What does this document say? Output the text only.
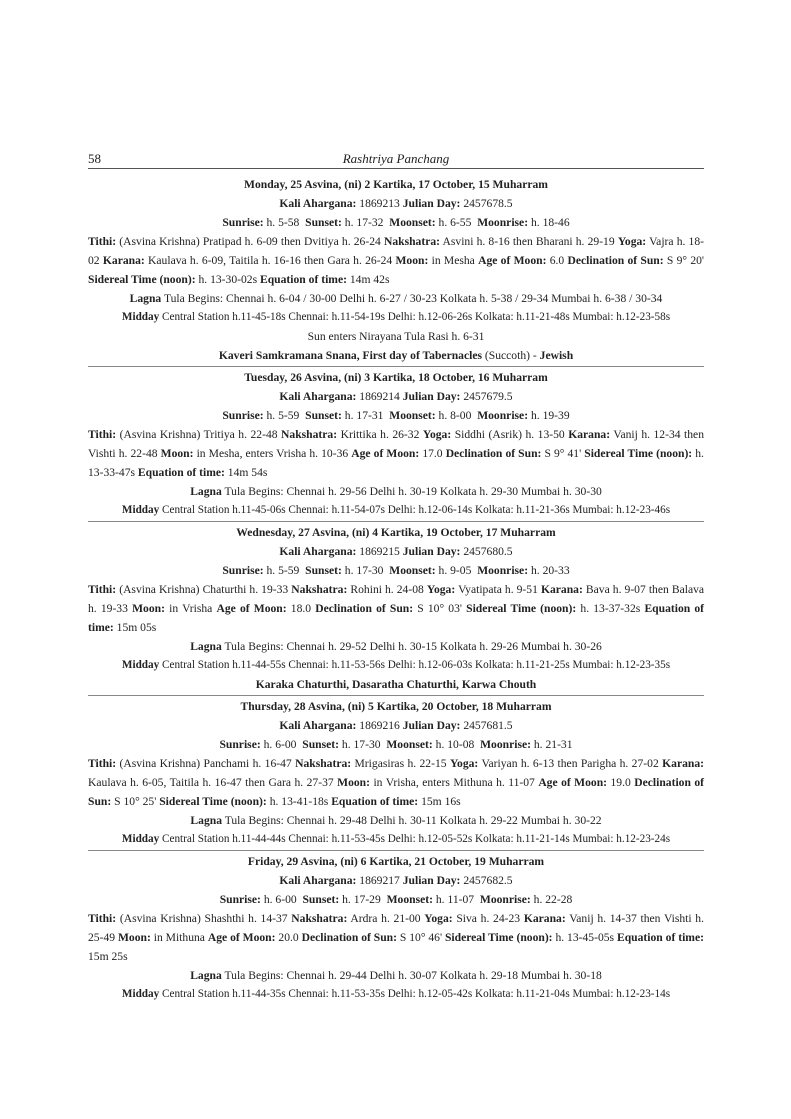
58	Rashtriya Panchang
Monday, 25 Asvina, (ni) 2 Kartika, 17 October, 15 Muharram
Kali Ahargana: 1869213 Julian Day: 2457678.5
Sunrise: h. 5-58 Sunset: h. 17-32 Moonset: h. 6-55 Moonrise: h. 18-46
Tithi: (Asvina Krishna) Pratipad h. 6-09 then Dvitiya h. 26-24 Nakshatra: Asvini h. 8-16 then Bharani h. 29-19 Yoga: Vajra h. 18-02 Karana: Kaulava h. 6-09, Taitila h. 16-16 then Gara h. 26-24 Moon: in Mesha Age of Moon: 6.0 Declination of Sun: S 9° 20' Sidereal Time (noon): h. 13-30-02s Equation of time: 14m 42s
Lagna Tula Begins: Chennai h. 6-04 / 30-00 Delhi h. 6-27 / 30-23 Kolkata h. 5-38 / 29-34 Mumbai h. 6-38 / 30-34
Midday Central Station h.11-45-18s Chennai: h.11-54-19s Delhi: h.12-06-26s Kolkata: h.11-21-48s Mumbai: h.12-23-58s
Sun enters Nirayana Tula Rasi h. 6-31
Kaveri Samkramana Snana, First day of Tabernacles (Succoth) - Jewish
Tuesday, 26 Asvina, (ni) 3 Kartika, 18 October, 16 Muharram
Kali Ahargana: 1869214 Julian Day: 2457679.5
Sunrise: h. 5-59 Sunset: h. 17-31 Moonset: h. 8-00 Moonrise: h. 19-39
Tithi: (Asvina Krishna) Tritiya h. 22-48 Nakshatra: Krittika h. 26-32 Yoga: Siddhi (Asrik) h. 13-50 Karana: Vanij h. 12-34 then Vishti h. 22-48 Moon: in Mesha, enters Vrisha h. 10-36 Age of Moon: 17.0 Declination of Sun: S 9° 41' Sidereal Time (noon): h. 13-33-47s Equation of time: 14m 54s
Lagna Tula Begins: Chennai h. 29-56 Delhi h. 30-19 Kolkata h. 29-30 Mumbai h. 30-30
Midday Central Station h.11-45-06s Chennai: h.11-54-07s Delhi: h.12-06-14s Kolkata: h.11-21-36s Mumbai: h.12-23-46s
Wednesday, 27 Asvina, (ni) 4 Kartika, 19 October, 17 Muharram
Kali Ahargana: 1869215 Julian Day: 2457680.5
Sunrise: h. 5-59 Sunset: h. 17-30 Moonset: h. 9-05 Moonrise: h. 20-33
Tithi: (Asvina Krishna) Chaturthi h. 19-33 Nakshatra: Rohini h. 24-08 Yoga: Vyatipata h. 9-51 Karana: Bava h. 9-07 then Balava h. 19-33 Moon: in Vrisha Age of Moon: 18.0 Declination of Sun: S 10° 03' Sidereal Time (noon): h. 13-37-32s Equation of time: 15m 05s
Lagna Tula Begins: Chennai h. 29-52 Delhi h. 30-15 Kolkata h. 29-26 Mumbai h. 30-26
Midday Central Station h.11-44-55s Chennai: h.11-53-56s Delhi: h.12-06-03s Kolkata: h.11-21-25s Mumbai: h.12-23-35s
Karaka Chaturthi, Dasaratha Chaturthi, Karwa Chouth
Thursday, 28 Asvina, (ni) 5 Kartika, 20 October, 18 Muharram
Kali Ahargana: 1869216 Julian Day: 2457681.5
Sunrise: h. 6-00 Sunset: h. 17-30 Moonset: h. 10-08 Moonrise: h. 21-31
Tithi: (Asvina Krishna) Panchami h. 16-47 Nakshatra: Mrigasiras h. 22-15 Yoga: Variyan h. 6-13 then Parigha h. 27-02 Karana: Kaulava h. 6-05, Taitila h. 16-47 then Gara h. 27-37 Moon: in Vrisha, enters Mithuna h. 11-07 Age of Moon: 19.0 Declination of Sun: S 10° 25' Sidereal Time (noon): h. 13-41-18s Equation of time: 15m 16s
Lagna Tula Begins: Chennai h. 29-48 Delhi h. 30-11 Kolkata h. 29-22 Mumbai h. 30-22
Midday Central Station h.11-44-44s Chennai: h.11-53-45s Delhi: h.12-05-52s Kolkata: h.11-21-14s Mumbai: h.12-23-24s
Friday, 29 Asvina, (ni) 6 Kartika, 21 October, 19 Muharram
Kali Ahargana: 1869217 Julian Day: 2457682.5
Sunrise: h. 6-00 Sunset: h. 17-29 Moonset: h. 11-07 Moonrise: h. 22-28
Tithi: (Asvina Krishna) Shashthi h. 14-37 Nakshatra: Ardra h. 21-00 Yoga: Siva h. 24-23 Karana: Vanij h. 14-37 then Vishti h. 25-49 Moon: in Mithuna Age of Moon: 20.0 Declination of Sun: S 10° 46' Sidereal Time (noon): h. 13-45-05s Equation of time: 15m 25s
Lagna Tula Begins: Chennai h. 29-44 Delhi h. 30-07 Kolkata h. 29-18 Mumbai h. 30-18
Midday Central Station h.11-44-35s Chennai: h.11-53-35s Delhi: h.12-05-42s Kolkata: h.11-21-04s Mumbai: h.12-23-14s
